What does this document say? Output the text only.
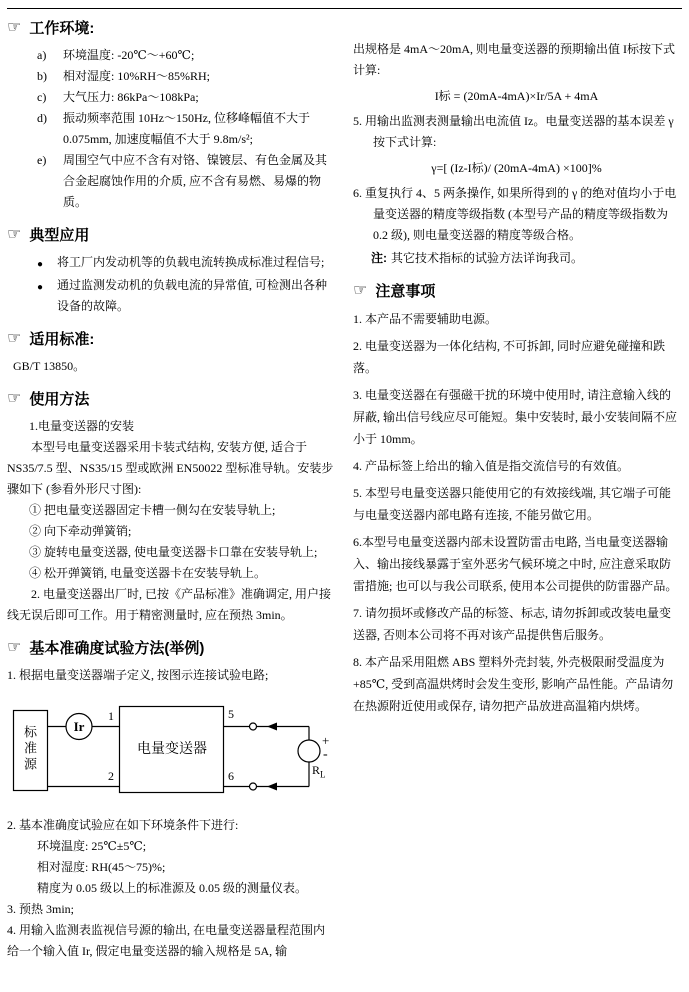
☞ 工作环境:
a)	环境温度: -20℃～+60℃;
b)	相对湿度: 10%RH～85%RH;
c)	大气压力: 86kPa～108kPa;
d)	振动频率范围 10Hz～150Hz, 位移峰幅值不大于 0.075mm, 加速度幅值不大于 9.8m/s²;
e)	周围空气中应不含有对铬、镍镀层、有色金属及其合金起腐蚀作用的介质, 应不含有易燃、易爆的物质。
☞ 典型应用
●	将工厂内发动机等的负载电流转换成标准过程信号;
●	通过监测发动机的负载电流的异常值, 可检测出各种设备的故障。
☞ 适用标准:
GB/T 13850。
☞ 使用方法
1.电量变送器的安装
本型号电量变送器采用卡装式结构, 安装方便, 适合于NS35/7.5 型、NS35/15 型或欧洲 EN50022 型标准导轨。安装步骤如下 (参看外形尺寸图):
① 把电量变送器固定卡槽一侧勾在安装导轨上;
② 向下牵动弹簧销;
③ 旋转电量变送器, 使电量变送器卡口靠在安装导轨上;
④ 松开弹簧销, 电量变送器卡在安装导轨上。
2. 电量变送器出厂时, 已按《产品标准》准确调定, 用户接线无误后即可工作。用于精密测量时, 应在预热 3min。
☞ 基本准确度试验方法(举例)
1. 根据电量变送器端子定义, 按图示连接试验电路;
标准源	Ir
电量变送器
1
2
5
6
+
-
$R_L$
2. 基本准确度试验应在如下环境条件下进行:
环境温度: 25℃±5℃;
相对湿度: RH(45～75)%;
精度为 0.05 级以上的标准源及 0.05 级的测量仪表。
3. 预热 3min;
4. 用输入监测表监视信号源的输出, 在电量变送器量程范围内给一个输入值 Ir, 假定电量变送器的输入规格是 5A, 输
出规格是 4mA～20mA, 则电量变送器的预期输出值 I标按下式计算:
I标 = (20mA-4mA)×Ir/5A + 4mA
5. 用输出监测表测量输出电流值 Iz。电量变送器的基本误差 γ 按下式计算:
γ=[ (Iz-I标)/ (20mA-4mA) ×100]%
6. 重复执行 4、5 两条操作, 如果所得到的 γ 的绝对值均小于电量变送器的精度等级指数 (本型号产品的精度等级指数为 0.2 级), 则电量变送器的精度等级合格。
注: 其它技术指标的试验方法详询我司。
☞ 注意事项
1. 本产品不需要辅助电源。
2. 电量变送器为一体化结构, 不可拆卸, 同时应避免碰撞和跌落。
3. 电量变送器在有强磁干扰的环境中使用时, 请注意输入线的屏蔽, 输出信号线应尽可能短。集中安装时, 最小安装间隔不应小于 10mm。
4. 产品标签上给出的输入值是指交流信号的有效值。
5. 本型号电量变送器只能使用它的有效接线端, 其它端子可能与电量变送器内部电路有连接, 不能另做它用。
6.本型号电量变送器内部未设置防雷击电路, 当电量变送器输入、输出接线暴露于室外恶劣气候环境之中时, 应注意采取防雷措施; 也可以与我公司联系, 使用本公司提供的防雷器产品。
7. 请勿损坏或修改产品的标签、标志, 请勿拆卸或改装电量变送器, 否则本公司将不再对该产品提供售后服务。
8. 本产品采用阻燃 ABS 塑料外壳封装, 外壳极限耐受温度为 +85℃, 受到高温烘烤时会发生变形, 影响产品性能。产品请勿在热源附近使用或保存, 请勿把产品放进高温箱内烘烤。
